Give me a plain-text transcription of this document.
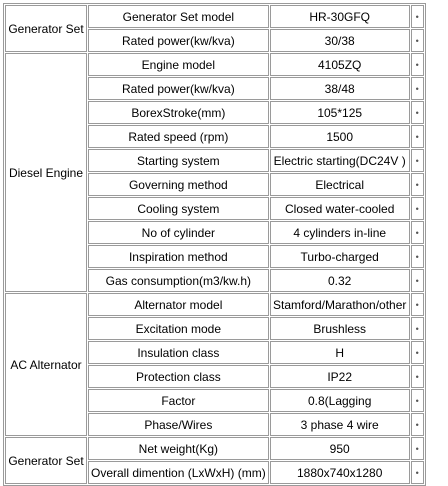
Generator Set	Generator Set model	HR-30GFQ	•
	Rated power(kw/kva)	30/38	•
Diesel Engine	Engine model	4105ZQ	•
	Rated power(kw/kva)	38/48	•
	BorexStroke(mm)	105*125	•
	Rated speed (rpm)	1500	•
	Starting system	Electric starting(DC24V )	•
	Governing method	Electrical	•
	Cooling system	Closed water-cooled	•
	No of cylinder	4 cylinders in-line	•
	Inspiration method	Turbo-charged	•
	Gas consumption(m3/kw.h)	0.32	•
AC Alternator	Alternator model	Stamford/Marathon/other	•
	Excitation mode	Brushless	•
	Insulation class	H	•
	Protection class	IP22	•
	Factor	0.8(Lagging	•
	Phase/Wires	3 phase 4 wire	•
Generator Set	Net weight(Kg)	950	•
	Overall dimention (LxWxH) (mm)	1880x740x1280	•
